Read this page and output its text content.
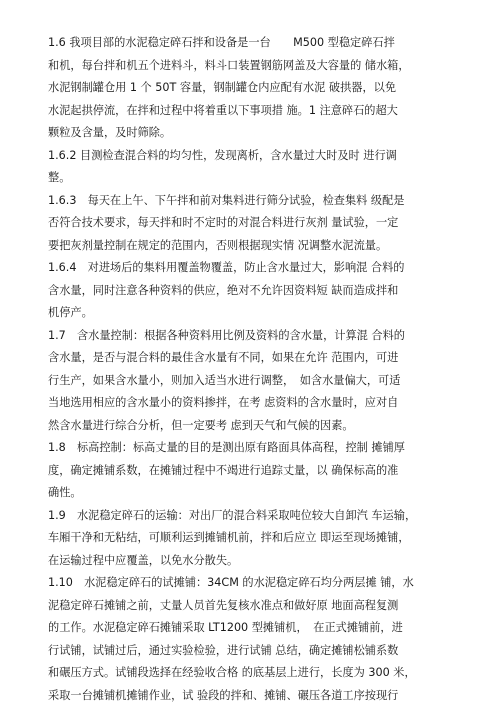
1.6 我项目部的水泥稳定碎石拌和设备是一台　　M500 型稳定碎石拌
和机，每台拌和机五个进料斗，料斗口装置钢筋网盖及大容量的 储水箱，
水泥钢制罐仓用 1 个 50T 容量，钢制罐仓内应配有水泥 破拱器，以免
水泥起拱停流，在拌和过程中将着重以下事项措 施。1 注意碎石的超大
颗粒及含量，及时筛除。
1.6.2 目测检查混合料的均匀性，发现离析，含水量过大时及时 进行调
整。
1.6.3　每天在上午、下午拌和前对集料进行筛分试验，检查集料 级配是
否符合技术要求，每天拌和时不定时的对混合料进行灰剂 量试验，一定
要把灰剂量控制在规定的范围内，否则根据现实情 况调整水泥流量。
1.6.4　对进场后的集料用覆盖物覆盖，防止含水量过大，影响混 合料的
含水量，同时注意各种资料的供应，绝对不允许因资料短 缺而造成拌和
机停产。
1.7　含水量控制：根据各种资料用比例及资料的含水量，计算混 合料的
含水量，是否与混合料的最佳含水量有不同，如果在允许 范围内，可进
行生产，如果含水量小，则加入适当水进行调整，　如含水量偏大，可适
当地选用相应的含水量小的资料掺拌，在考 虑资料的含水量时，应对自
然含水量进行综合分析，但一定要考 虑到天气和气候的因素。
1.8　标高控制：标高丈量的目的是测出原有路面具体高程，控制 摊铺厚
度，确定摊铺系数，在摊铺过程中不竭进行追踪丈量，以 确保标高的准
确性。
1.9　水泥稳定碎石的运输：对出厂的混合料采取吨位较大自卸汽 车运输，
车厢干净和无粘结，可顺利运到摊铺机前，拌和后应立 即运至现场摊铺，
在运输过程中应覆盖，以免水分散失。
1.10　水泥稳定碎石的试摊铺：34CM 的水泥稳定碎石均分两层摊 铺，水
泥稳定碎石摊铺之前，丈量人员首先复核水准点和做好原 地面高程复测
的工作。水泥稳定碎石摊铺采取 LT1200 型摊铺机，　在正式摊铺前，进
行试铺，试铺过后，通过实验检验，进行试铺 总结，确定摊铺松铺系数
和碾压方式。试铺段选择在经验收合格 的底基层上进行，长度为 300 米，
采取一台摊铺机摊铺作业，试 验段的拌和、摊铺、碾压各道工序按现行
